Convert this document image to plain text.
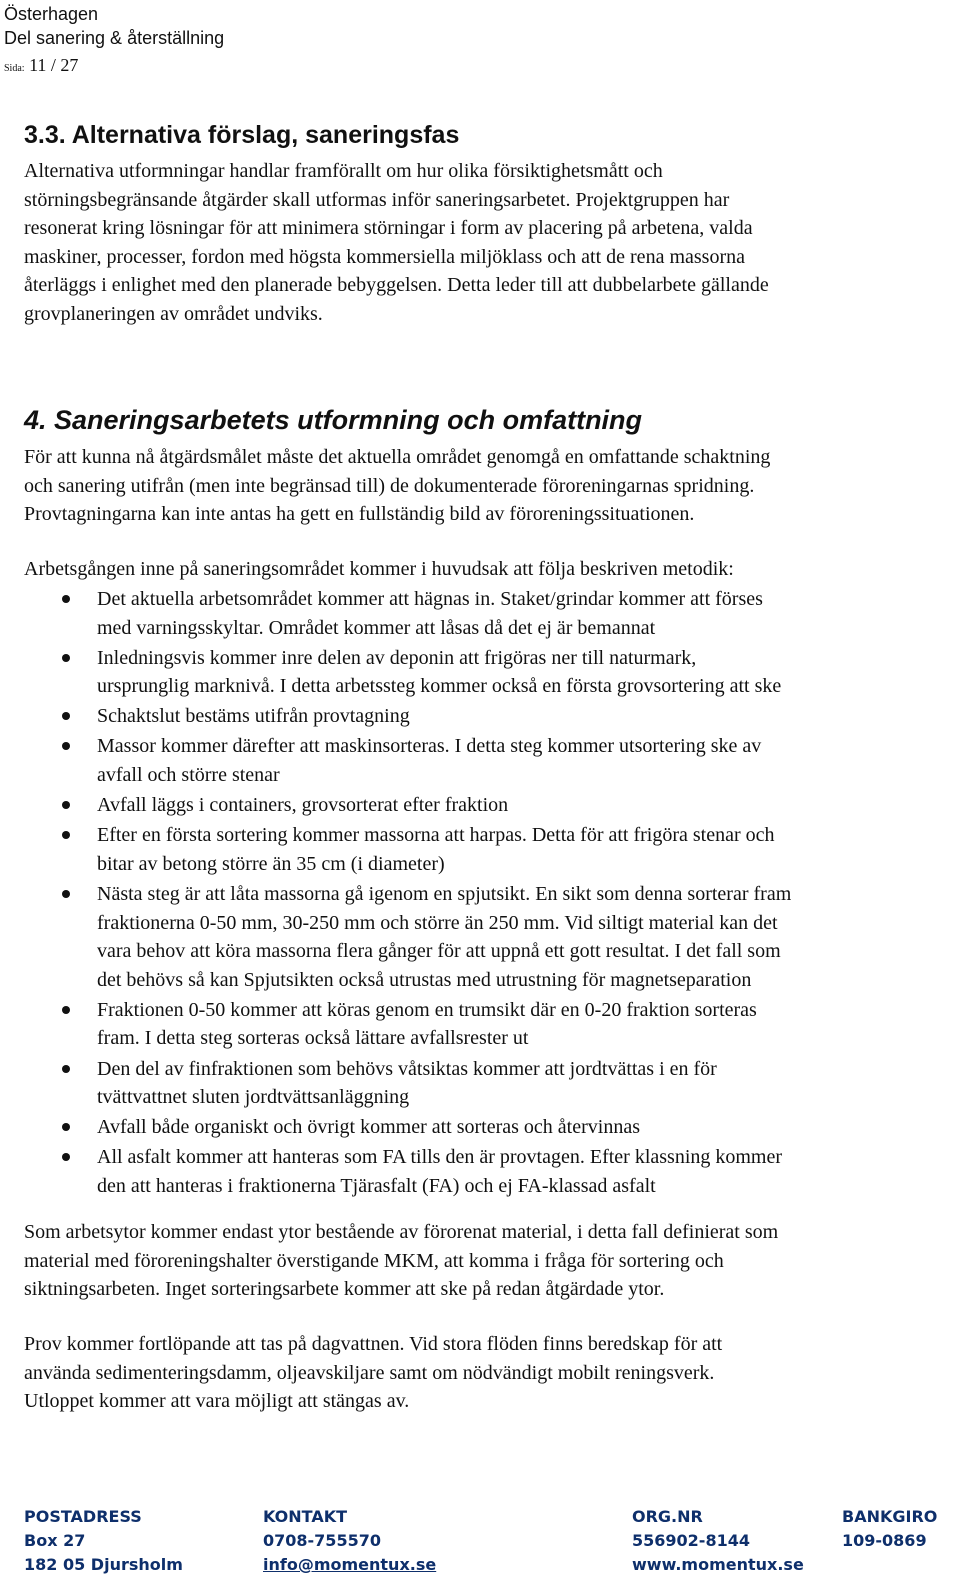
Österhagen
Del sanering & återställning
Sida: 11 / 27
3.3. Alternativa förslag, saneringsfas
Alternativa utformningar handlar framförallt om hur olika försiktighetsmått och
störningsbegränsande åtgärder skall utformas inför saneringsarbetet. Projektgruppen har
resonerat kring lösningar för att minimera störningar i form av placering på arbetena, valda
maskiner, processer, fordon med högsta kommersiella miljöklass och att de rena massorna
återläggs i enlighet med den planerade bebyggelsen. Detta leder till att dubbelarbete gällande
grovplaneringen av området undviks.
4. Saneringsarbetets utformning och omfattning
För att kunna nå åtgärdsmålet måste det aktuella området genomgå en omfattande schaktning
och sanering utifrån (men inte begränsad till) de dokumenterade föroreningarnas spridning.
Provtagningarna kan inte antas ha gett en fullständig bild av föroreningssituationen.
Arbetsgången inne på saneringsområdet kommer i huvudsak att följa beskriven metodik:
Det aktuella arbetsområdet kommer att hägnas in. Staket/grindar kommer att förses
med varningsskyltar. Området kommer att låsas då det ej är bemannat
Inledningsvis kommer inre delen av deponin att frigöras ner till naturmark,
ursprunglig marknivå. I detta arbetssteg kommer också en första grovsortering att ske
Schaktslut bestäms utifrån provtagning
Massor kommer därefter att maskinsorteras. I detta steg kommer utsortering ske av
avfall och större stenar
Avfall läggs i containers, grovsorterat efter fraktion
Efter en första sortering kommer massorna att harpas. Detta för att frigöra stenar och
bitar av betong större än 35 cm (i diameter)
Nästa steg är att låta massorna gå igenom en spjutsikt. En sikt som denna sorterar fram
fraktionerna 0-50 mm, 30-250 mm och större än 250 mm. Vid siltigt material kan det
vara behov att köra massorna flera gånger för att uppnå ett gott resultat. I det fall som
det behövs så kan Spjutsikten också utrustas med utrustning för magnetseparation
Fraktionen 0-50 kommer att köras genom en trumsikt där en 0-20 fraktion sorteras
fram. I detta steg sorteras också lättare avfallsrester ut
Den del av finfraktionen som behövs våtsiktas kommer att jordtvättas i en för
tvättvattnet sluten jordtvättsanläggning
Avfall både organiskt och övrigt kommer att sorteras och återvinnas
All asfalt kommer att hanteras som FA tills den är provtagen. Efter klassning kommer
den att hanteras i fraktionerna Tjärasfalt (FA) och ej FA-klassad asfalt
Som arbetsytor kommer endast ytor bestående av förorenat material, i detta fall definierat som
material med föroreningshalter överstigande MKM, att komma i fråga för sortering och
siktningsarbeten. Inget sorteringsarbete kommer att ske på redan åtgärdade ytor.
Prov kommer fortlöpande att tas på dagvattnen. Vid stora flöden finns beredskap för att
använda sedimenteringsdamm, oljeavskiljare samt om nödvändigt mobilt reningsverk.
Utloppet kommer att vara möjligt att stängas av.
POSTADRESS
Box 27
182 05 Djursholm
KONTAKT
0708-755570
info@momentux.se
ORG.NR
556902-8144
www.momentux.se
BANKGIRO
109-0869
